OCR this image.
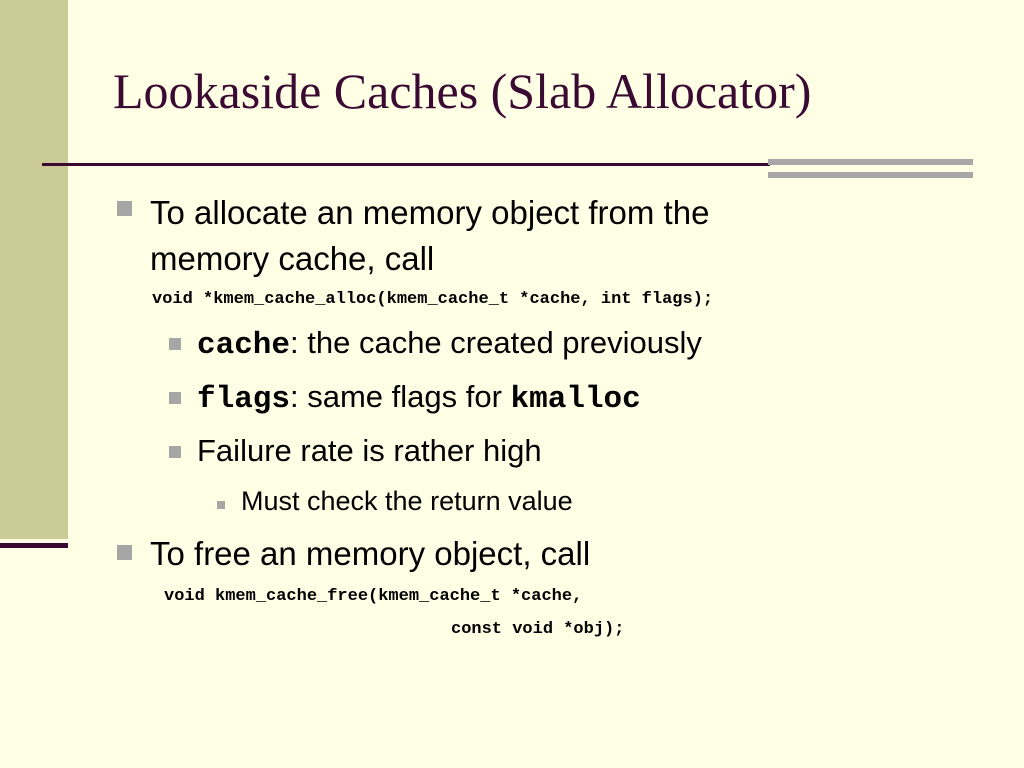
Lookaside Caches (Slab Allocator)
To allocate an memory object from the
memory cache, call
void *kmem_cache_alloc(kmem_cache_t *cache, int flags);
cache: the cache created previously
flags: same flags for kmalloc
Failure rate is rather high
Must check the return value
To free an memory object, call
void kmem_cache_free(kmem_cache_t *cache,
const void *obj);
